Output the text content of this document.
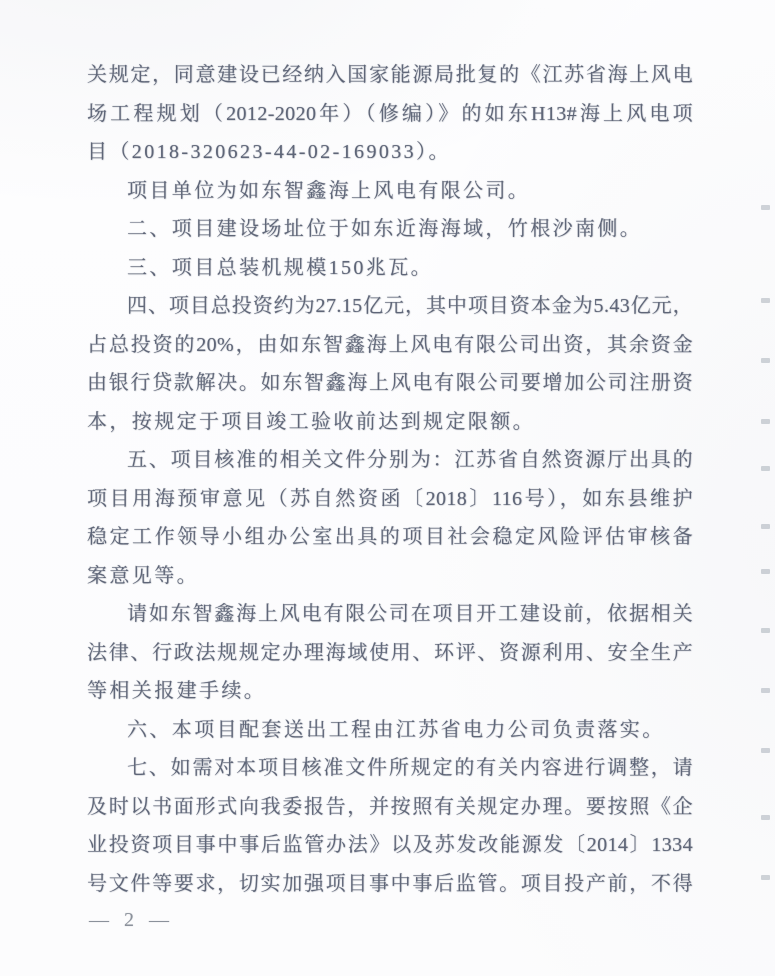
关规定，同意建设已经纳入国家能源局批复的《江苏省海上风电
场工程规划（2012-2020年）（修编）》的如东H13#海上风电项
目（2018-320623-44-02-169033）。
项目单位为如东智鑫海上风电有限公司。
二、项目建设场址位于如东近海海域，竹根沙南侧。
三、项目总装机规模150兆瓦。
四、项目总投资约为27.15亿元，其中项目资本金为5.43亿元，
占总投资的20%，由如东智鑫海上风电有限公司出资，其余资金
由银行贷款解决。如东智鑫海上风电有限公司要增加公司注册资
本，按规定于项目竣工验收前达到规定限额。
五、项目核准的相关文件分别为：江苏省自然资源厅出具的
项目用海预审意见（苏自然资函〔2018〕116号），如东县维护
稳定工作领导小组办公室出具的项目社会稳定风险评估审核备
案意见等。
请如东智鑫海上风电有限公司在项目开工建设前，依据相关
法律、行政法规规定办理海域使用、环评、资源利用、安全生产
等相关报建手续。
六、本项目配套送出工程由江苏省电力公司负责落实。
七、如需对本项目核准文件所规定的有关内容进行调整，请
及时以书面形式向我委报告，并按照有关规定办理。要按照《企
业投资项目事中事后监管办法》以及苏发改能源发〔2014〕1334
号文件等要求，切实加强项目事中事后监管。项目投产前，不得
— 2 —
